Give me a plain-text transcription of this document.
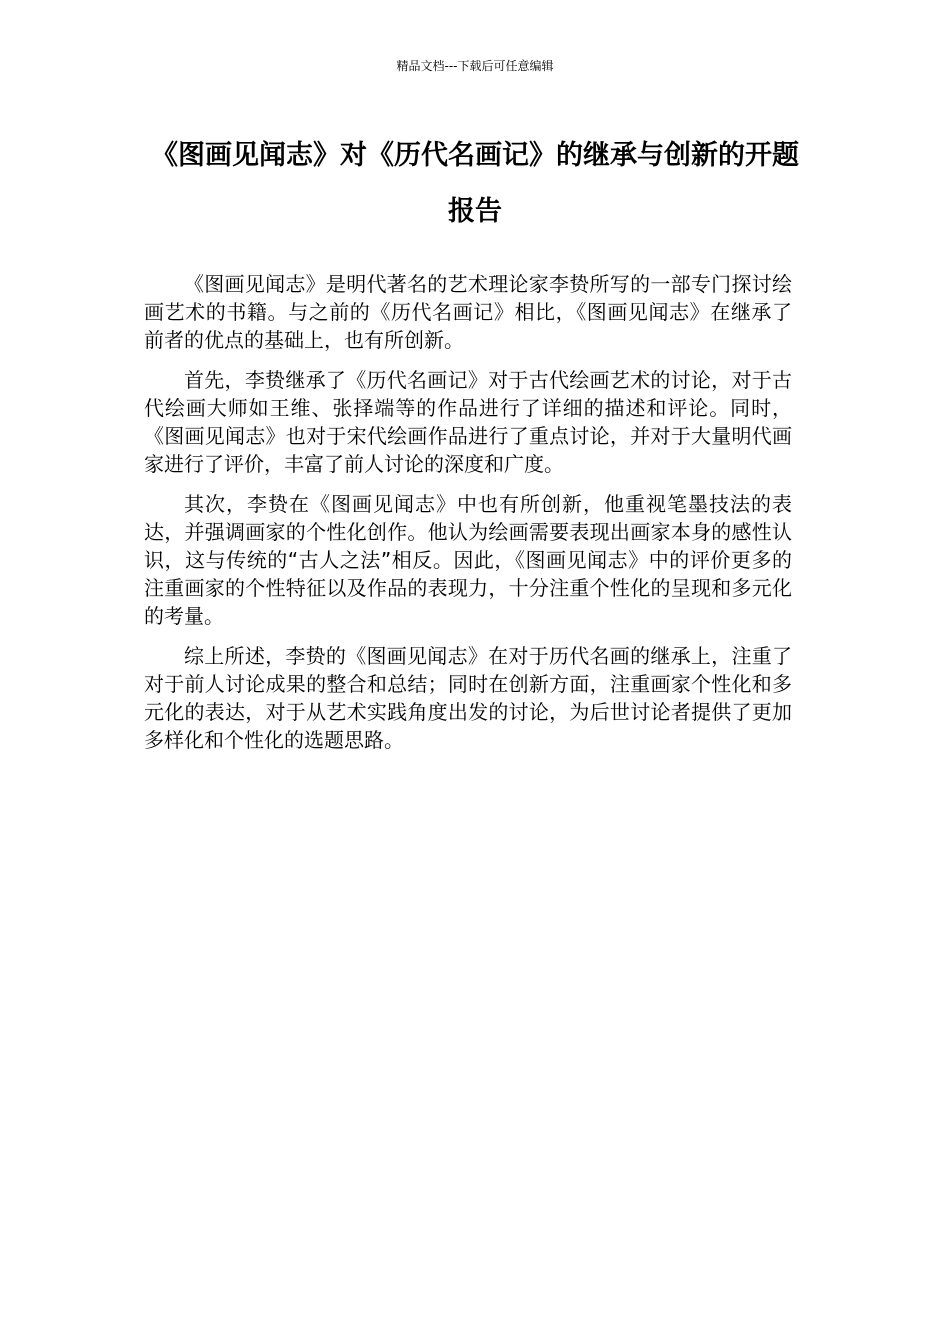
精品文档---下载后可任意编辑
《图画见闻志》对《历代名画记》的继承与创新的开题报告

《图画见闻志》是明代著名的艺术理论家李贽所写的一部专门探讨绘画艺术的书籍。与之前的《历代名画记》相比，《图画见闻志》在继承了前者的优点的基础上，也有所创新。

首先，李贽继承了《历代名画记》对于古代绘画艺术的讨论，对于古代绘画大师如王维、张择端等的作品进行了详细的描述和评论。同时，《图画见闻志》也对于宋代绘画作品进行了重点讨论，并对于大量明代画家进行了评价，丰富了前人讨论的深度和广度。

其次，李贽在《图画见闻志》中也有所创新，他重视笔墨技法的表达，并强调画家的个性化创作。他认为绘画需要表现出画家本身的感性认识，这与传统的“古人之法”相反。因此，《图画见闻志》中的评价更多的注重画家的个性特征以及作品的表现力，十分注重个性化的呈现和多元化的考量。

综上所述，李贽的《图画见闻志》在对于历代名画的继承上，注重了对于前人讨论成果的整合和总结；同时在创新方面，注重画家个性化和多元化的表达，对于从艺术实践角度出发的讨论，为后世讨论者提供了更加多样化和个性化的选题思路。
